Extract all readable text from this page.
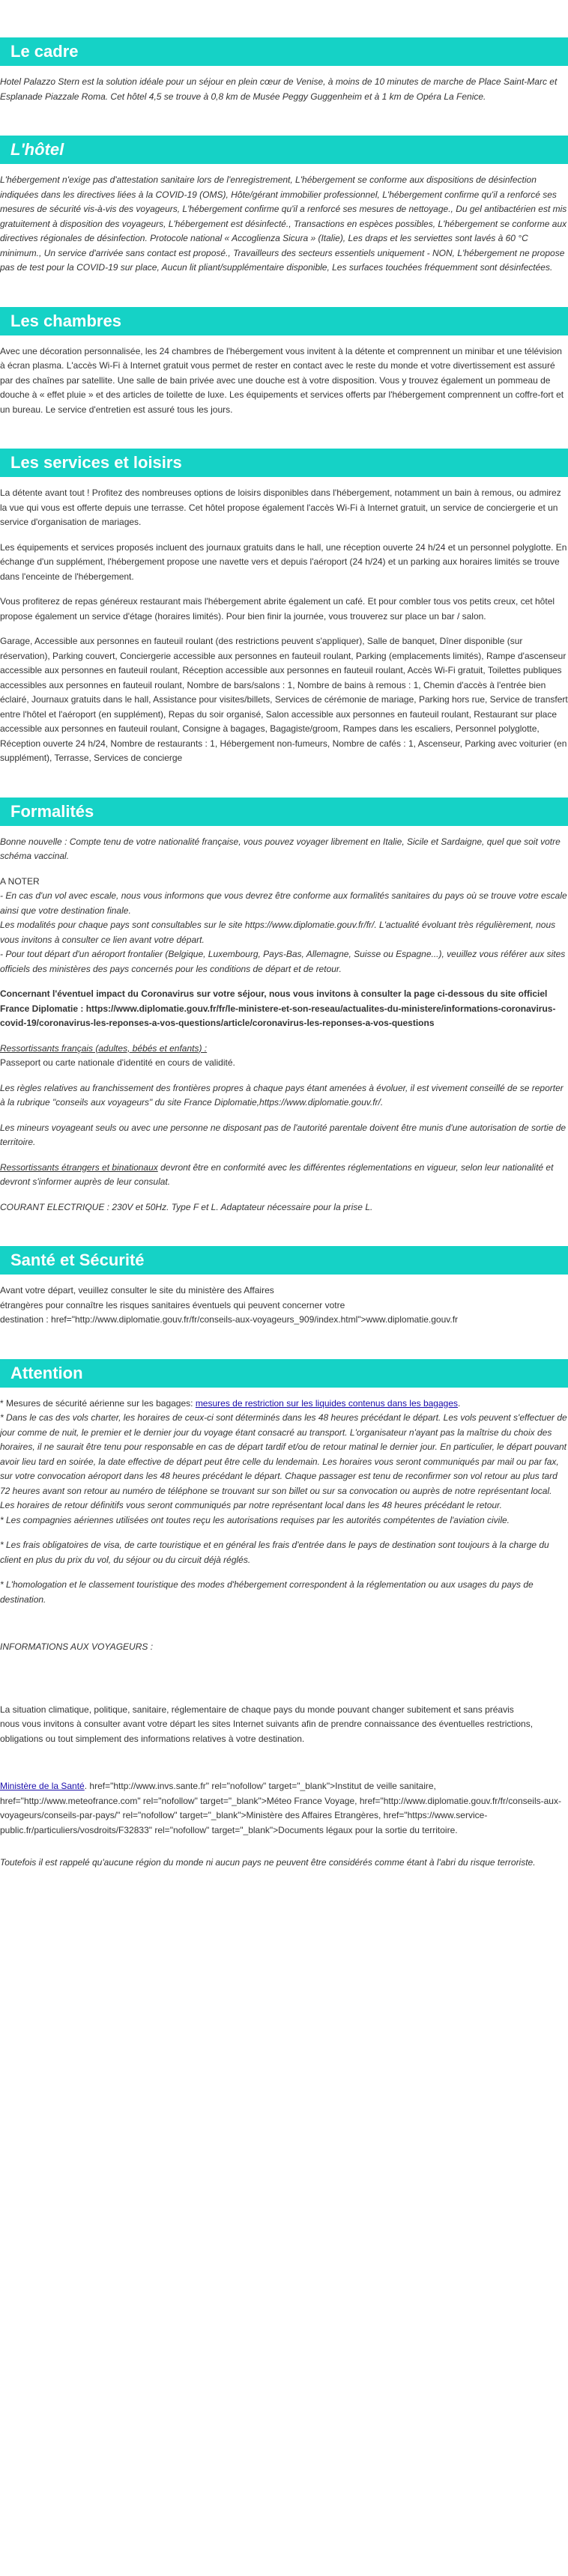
Le cadre

Hotel Palazzo Stern est la solution idéale pour un séjour en plein cœur de Venise, à moins de 10 minutes de marche de Place Saint-Marc et Esplanade Piazzale Roma. Cet hôtel 4,5 se trouve à 0,8 km de Musée Peggy Guggenheim et à 1 km de Opéra La Fenice.

L'hôtel

L'hébergement n'exige pas d'attestation sanitaire lors de l'enregistrement, L'hébergement se conforme aux dispositions de désinfection indiquées dans les directives liées à la COVID-19 (OMS), Hôte/gérant immobilier professionnel, L'hébergement confirme qu'il a renforcé ses mesures de sécurité vis-à-vis des voyageurs, L'hébergement confirme qu'il a renforcé ses mesures de nettoyage., Du gel antibactérien est mis gratuitement à disposition des voyageurs, L'hébergement est désinfecté., Transactions en espèces possibles, L'hébergement se conforme aux directives régionales de désinfection. Protocole national « Accoglienza Sicura » (Italie), Les draps et les serviettes sont lavés à 60 °C minimum., Un service d'arrivée sans contact est proposé., Travailleurs des secteurs essentiels uniquement - NON, L'hébergement ne propose pas de test pour la COVID-19 sur place, Aucun lit pliant/supplémentaire disponible, Les surfaces touchées fréquemment sont désinfectées.

Les chambres

Avec une décoration personnalisée, les 24 chambres de l'hébergement vous invitent à la détente et comprennent un minibar et une télévision à écran plasma. L'accès Wi-Fi à Internet gratuit vous permet de rester en contact avec le reste du monde et votre divertissement est assuré par des chaînes par satellite. Une salle de bain privée avec une douche est à votre disposition. Vous y trouvez également un pommeau de douche à « effet pluie » et des articles de toilette de luxe. Les équipements et services offerts par l'hébergement comprennent un coffre-fort et un bureau. Le service d'entretien est assuré tous les jours.

Les services et loisirs

La détente avant tout ! Profitez des nombreuses options de loisirs disponibles dans l'hébergement, notamment un bain à remous, ou admirez la vue qui vous est offerte depuis une terrasse. Cet hôtel propose également l'accès Wi-Fi à Internet gratuit, un service de conciergerie et un service d'organisation de mariages.

Les équipements et services proposés incluent des journaux gratuits dans le hall, une réception ouverte 24 h/24 et un personnel polyglotte. En échange d'un supplément, l'hébergement propose une navette vers et depuis l'aéroport (24 h/24) et un parking aux horaires limités se trouve dans l'enceinte de l'hébergement.

Vous profiterez de repas généreux restaurant mais l'hébergement abrite également un café. Et pour combler tous vos petits creux, cet hôtel propose également un service d'étage (horaires limités). Pour bien finir la journée, vous trouverez sur place un bar / salon.

Garage, Accessible aux personnes en fauteuil roulant (des restrictions peuvent s'appliquer), Salle de banquet, Dîner disponible (sur réservation), Parking couvert, Conciergerie accessible aux personnes en fauteuil roulant, Parking (emplacements limités), Rampe d'ascenseur accessible aux personnes en fauteuil roulant, Réception accessible aux personnes en fauteuil roulant, Accès Wi-Fi gratuit, Toilettes publiques accessibles aux personnes en fauteuil roulant, Nombre de bars/salons : 1, Nombre de bains à remous : 1, Chemin d'accès à l'entrée bien éclairé, Journaux gratuits dans le hall, Assistance pour visites/billets, Services de cérémonie de mariage, Parking hors rue, Service de transfert entre l'hôtel et l'aéroport (en supplément), Repas du soir organisé, Salon accessible aux personnes en fauteuil roulant, Restaurant sur place accessible aux personnes en fauteuil roulant, Consigne à bagages, Bagagiste/groom, Rampes dans les escaliers, Personnel polyglotte, Réception ouverte 24 h/24, Nombre de restaurants : 1, Hébergement non-fumeurs, Nombre de cafés : 1, Ascenseur, Parking avec voiturier (en supplément), Terrasse, Services de concierge

Formalités

Bonne nouvelle : Compte tenu de votre nationalité française, vous pouvez voyager librement en Italie, Sicile et Sardaigne, quel que soit votre schéma vaccinal.

A NOTER

- En cas d'un vol avec escale, nous vous informons que vous devrez être conforme aux formalités sanitaires du pays où se trouve votre escale ainsi que votre destination finale.

Les modalités pour chaque pays sont consultables sur le site https://www.diplomatie.gouv.fr/fr/. L'actualité évoluant très régulièrement, nous vous invitons à consulter ce lien avant votre départ.

- Pour tout départ d'un aéroport frontalier (Belgique, Luxembourg, Pays-Bas, Allemagne, Suisse ou Espagne...), veuillez vous référer aux sites officiels des ministères des pays concernés pour les conditions de départ et de retour.

Concernant l'éventuel impact du Coronavirus sur votre séjour, nous vous invitons à consulter la page ci-dessous du site officiel France Diplomatie : https://www.diplomatie.gouv.fr/fr/le-ministere-et-son-reseau/actualites-du-ministere/informations-coronavirus-covid-19/coronavirus-les-reponses-a-vos-questions/article/coronavirus-les-reponses-a-vos-questions

Ressortissants français (adultes, bébés et enfants) :

Passeport ou carte nationale d'identité en cours de validité.

Les règles relatives au franchissement des frontières propres à chaque pays étant amenées à évoluer, il est vivement conseillé de se reporter à la rubrique "conseils aux voyageurs" du site France Diplomatie,https://www.diplomatie.gouv.fr/.

Les mineurs voyageant seuls ou avec une personne ne disposant pas de l'autorité parentale doivent être munis d'une autorisation de sortie de territoire.

Ressortissants étrangers et binationaux devront être en conformité avec les différentes réglementations en vigueur, selon leur nationalité et devront s'informer auprès de leur consulat.

COURANT ELECTRIQUE : 230V et 50Hz. Type F et L. Adaptateur nécessaire pour la prise L.

Santé et Sécurité

Avant votre départ, veuillez consulter le site du ministère des Affaires

étrangères pour connaître les risques sanitaires éventuels qui peuvent concerner votre

destination : href="http://www.diplomatie.gouv.fr/fr/conseils-aux-voyageurs_909/index.html">www.diplomatie.gouv.fr

Attention

* Mesures de sécurité aérienne sur les bagages: mesures de restriction sur les liquides contenus dans les bagages.

* Dans le cas des vols charter, les horaires de ceux-ci sont déterminés dans les 48 heures précédant le départ. Les vols peuvent s'effectuer de jour comme de nuit, le premier et le dernier jour du voyage étant consacré au transport. L'organisateur n'ayant pas la maîtrise du choix des horaires, il ne saurait être tenu pour responsable en cas de départ tardif et/ou de retour matinal le dernier jour. En particulier, le départ pouvant avoir lieu tard en soirée, la date effective de départ peut être celle du lendemain. Les horaires vous seront communiqués par mail ou par fax, sur votre convocation aéroport dans les 48 heures précédant le départ. Chaque passager est tenu de reconfirmer son vol retour au plus tard 72 heures avant son retour au numéro de téléphone se trouvant sur son billet ou sur sa convocation ou auprès de notre représentant local. Les horaires de retour définitifs vous seront communiqués par notre représentant local dans les 48 heures précédant le retour.

* Les compagnies aériennes utilisées ont toutes reçu les autorisations requises par les autorités compétentes de l'aviation civile.

* Les frais obligatoires de visa, de carte touristique et en général les frais d'entrée dans le pays de destination sont toujours à la charge du client en plus du prix du vol, du séjour ou du circuit déjà réglés.

* L'homologation et le classement touristique des modes d'hébergement correspondent à la réglementation ou aux usages du pays de destination.

INFORMATIONS AUX VOYAGEURS :

La situation climatique, politique, sanitaire, réglementaire de chaque pays du monde pouvant changer subitement et sans préavis

nous vous invitons à consulter avant votre départ les sites Internet suivants afin de prendre connaissance des éventuelles restrictions, obligations ou tout simplement des informations relatives à votre destination.

Ministère de la Santé. href="http://www.invs.sante.fr" rel="nofollow" target="_blank">Institut de veille sanitaire, href="http://www.meteofrance.com" rel="nofollow" target="_blank">Méteo France Voyage, href="http://www.diplomatie.gouv.fr/fr/conseils-aux-voyageurs/conseils-par-pays/" rel="nofollow" target="_blank">Ministère des Affaires Etrangères, href="https://www.service-public.fr/particuliers/vosdroits/F32833" rel="nofollow" target="_blank">Documents légaux pour la sortie du territoire.

Toutefois il est rappelé qu'aucune région du monde ni aucun pays ne peuvent être considérés comme étant à l'abri du risque terroriste.
